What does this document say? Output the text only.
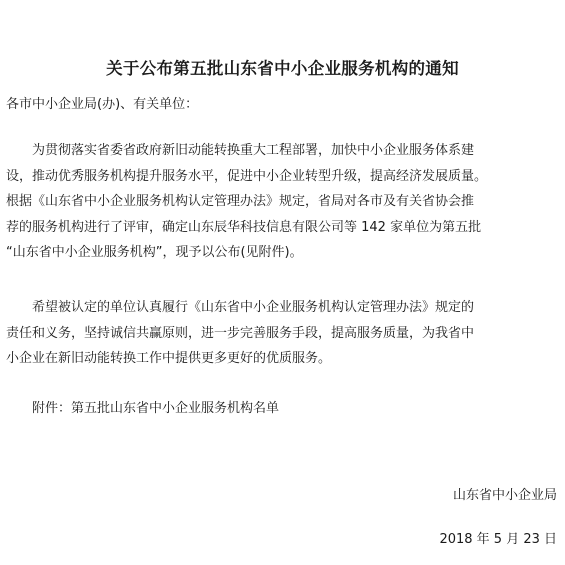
关于公布第五批山东省中小企业服务机构的通知
各市中小企业局(办)、有关单位：
为贯彻落实省委省政府新旧动能转换重大工程部署，加快中小企业服务体系建
设，推动优秀服务机构提升服务水平，促进中小企业转型升级，提高经济发展质量。
根据《山东省中小企业服务机构认定管理办法》规定，省局对各市及有关省协会推
荐的服务机构进行了评审，确定山东辰华科技信息有限公司等 142 家单位为第五批
“山东省中小企业服务机构”，现予以公布(见附件)。
希望被认定的单位认真履行《山东省中小企业服务机构认定管理办法》规定的
责任和义务，坚持诚信共赢原则，进一步完善服务手段，提高服务质量，为我省中
小企业在新旧动能转换工作中提供更多更好的优质服务。
附件：第五批山东省中小企业服务机构名单
山东省中小企业局
2018 年 5 月 23 日
